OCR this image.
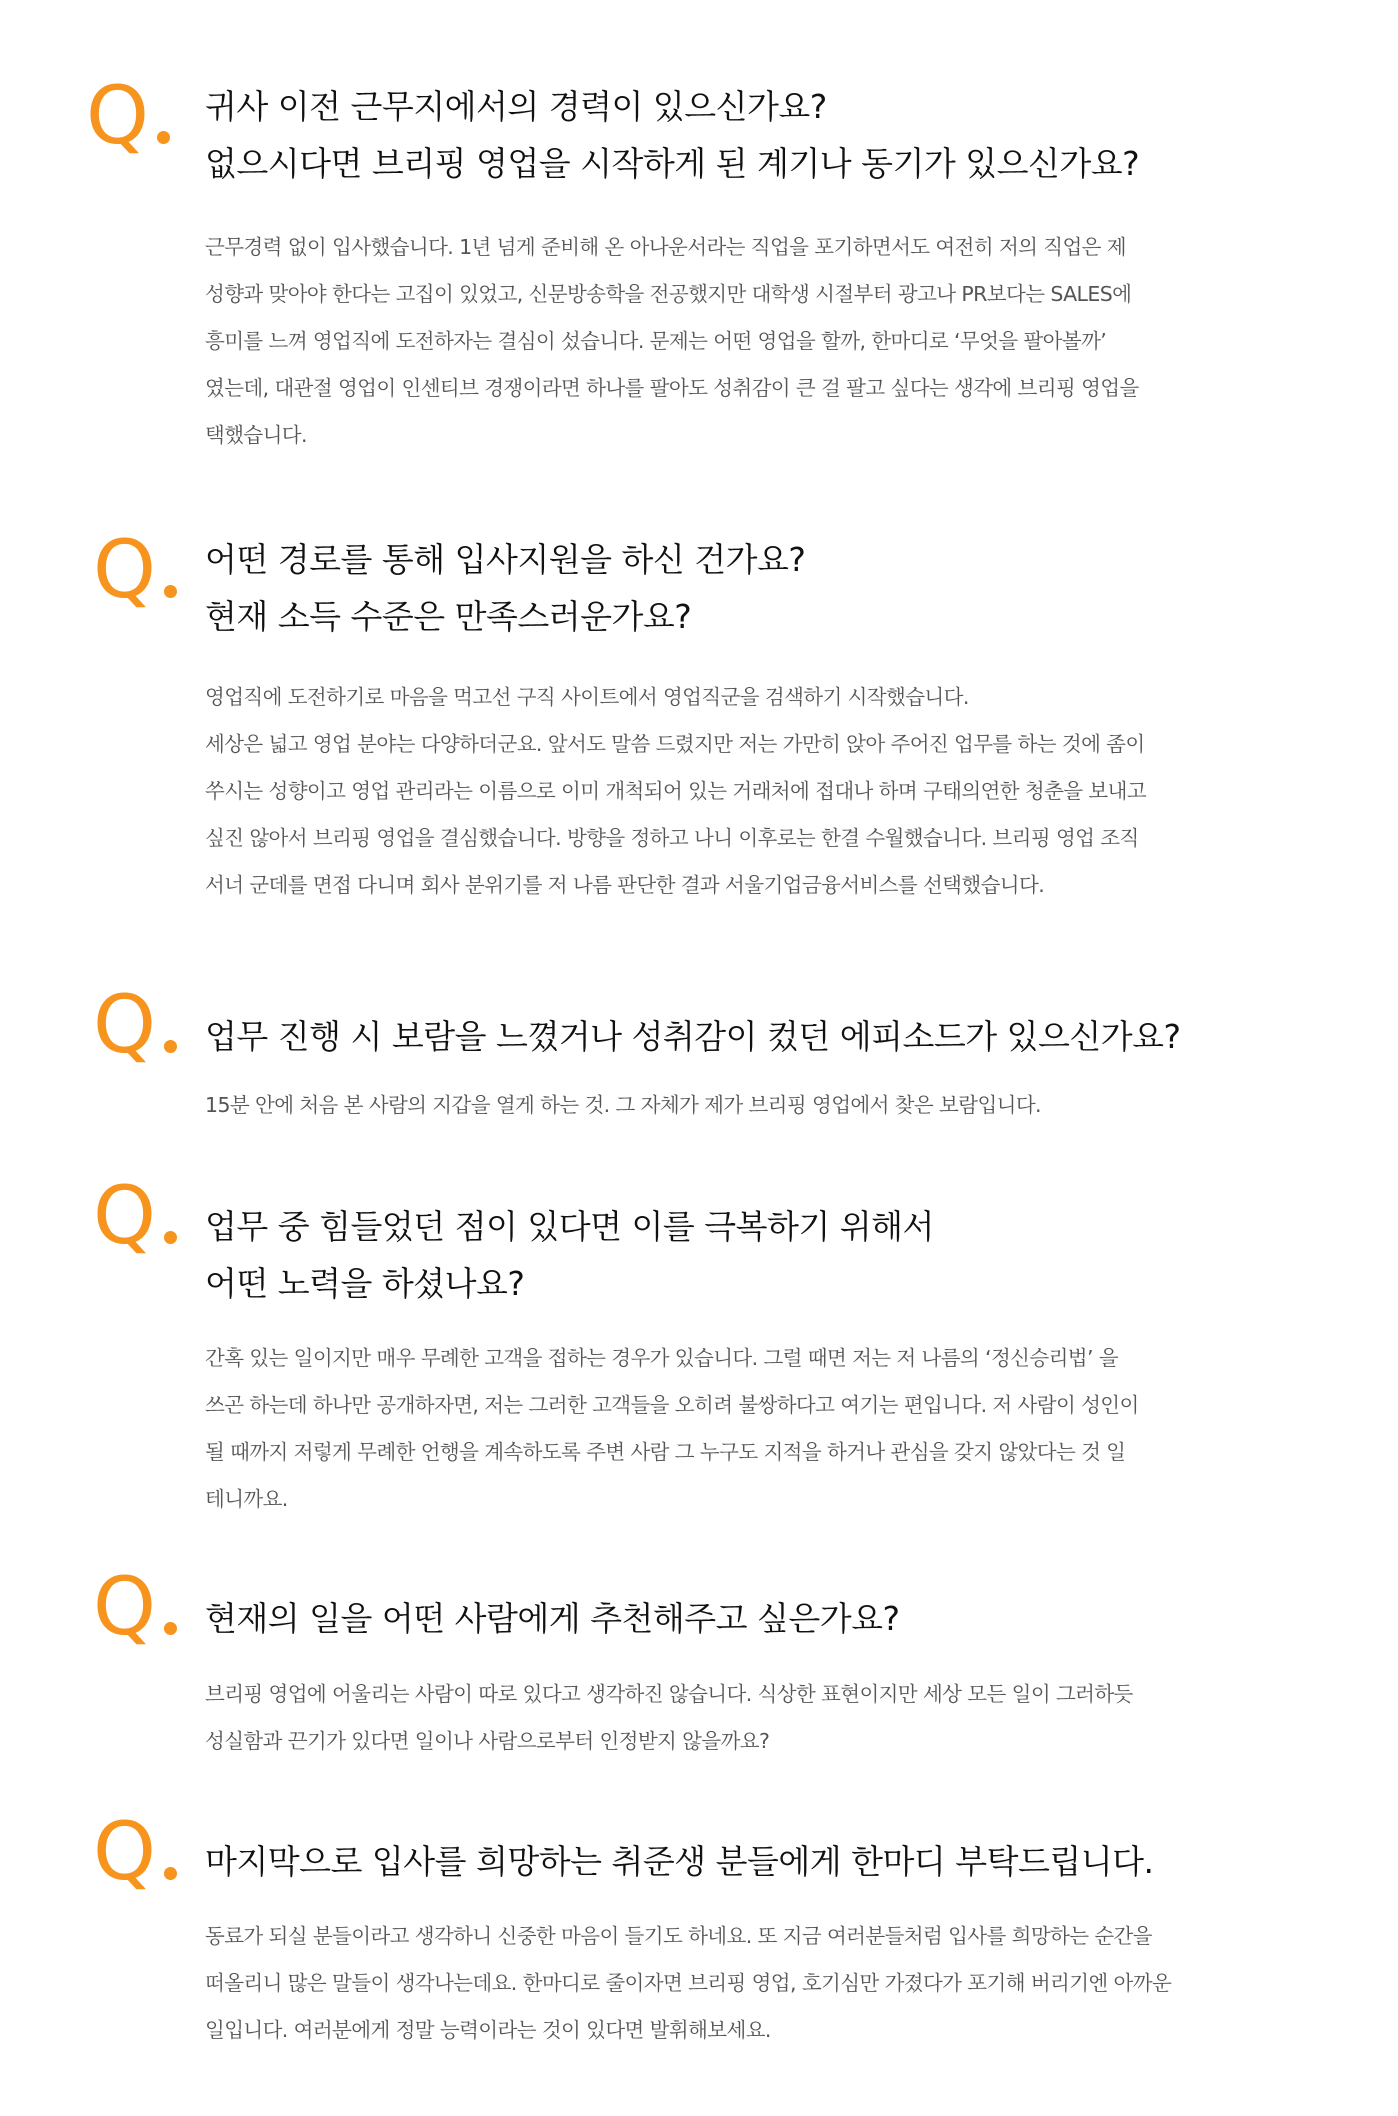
Q 귀사 이전 근무지에서의 경력이 있으신가요?
없으시다면 브리핑 영업을 시작하게 된 계기나 동기가 있으신가요?
근무경력 없이 입사했습니다. 1년 넘게 준비해 온 아나운서라는 직업을 포기하면서도 여전히 저의 직업은 제
성향과 맞아야 한다는 고집이 있었고, 신문방송학을 전공했지만 대학생 시절부터 광고나 PR보다는 SALES에
흥미를 느껴 영업직에 도전하자는 결심이 섰습니다. 문제는 어떤 영업을 할까, 한마디로 ‘무엇을 팔아볼까’
였는데, 대관절 영업이 인센티브 경쟁이라면 하나를 팔아도 성취감이 큰 걸 팔고 싶다는 생각에 브리핑 영업을
택했습니다.
Q 어떤 경로를 통해 입사지원을 하신 건가요?
현재 소득 수준은 만족스러운가요?
영업직에 도전하기로 마음을 먹고선 구직 사이트에서 영업직군을 검색하기 시작했습니다.
세상은 넓고 영업 분야는 다양하더군요. 앞서도 말씀 드렸지만 저는 가만히 앉아 주어진 업무를 하는 것에 좀이
쑤시는 성향이고 영업 관리라는 이름으로 이미 개척되어 있는 거래처에 접대나 하며 구태의연한 청춘을 보내고
싶진 않아서 브리핑 영업을 결심했습니다. 방향을 정하고 나니 이후로는 한결 수월했습니다. 브리핑 영업 조직
서너 군데를 면접 다니며 회사 분위기를 저 나름 판단한 결과 서울기업금융서비스를 선택했습니다.
Q 업무 진행 시 보람을 느꼈거나 성취감이 컸던 에피소드가 있으신가요?
15분 안에 처음 본 사람의 지갑을 열게 하는 것. 그 자체가 제가 브리핑 영업에서 찾은 보람입니다.
Q 업무 중 힘들었던 점이 있다면 이를 극복하기 위해서
어떤 노력을 하셨나요?
간혹 있는 일이지만 매우 무례한 고객을 접하는 경우가 있습니다. 그럴 때면 저는 저 나름의 ‘정신승리법’ 을
쓰곤 하는데 하나만 공개하자면, 저는 그러한 고객들을 오히려 불쌍하다고 여기는 편입니다. 저 사람이 성인이
될 때까지 저렇게 무례한 언행을 계속하도록 주변 사람 그 누구도 지적을 하거나 관심을 갖지 않았다는 것 일
테니까요.
Q 현재의 일을 어떤 사람에게 추천해주고 싶은가요?
브리핑 영업에 어울리는 사람이 따로 있다고 생각하진 않습니다. 식상한 표현이지만 세상 모든 일이 그러하듯
성실함과 끈기가 있다면 일이나 사람으로부터 인정받지 않을까요?
Q 마지막으로 입사를 희망하는 취준생 분들에게 한마디 부탁드립니다.
동료가 되실 분들이라고 생각하니 신중한 마음이 들기도 하네요. 또 지금 여러분들처럼 입사를 희망하는 순간을
떠올리니 많은 말들이 생각나는데요. 한마디로 줄이자면 브리핑 영업, 호기심만 가졌다가 포기해 버리기엔 아까운
일입니다. 여러분에게 정말 능력이라는 것이 있다면 발휘해보세요.
